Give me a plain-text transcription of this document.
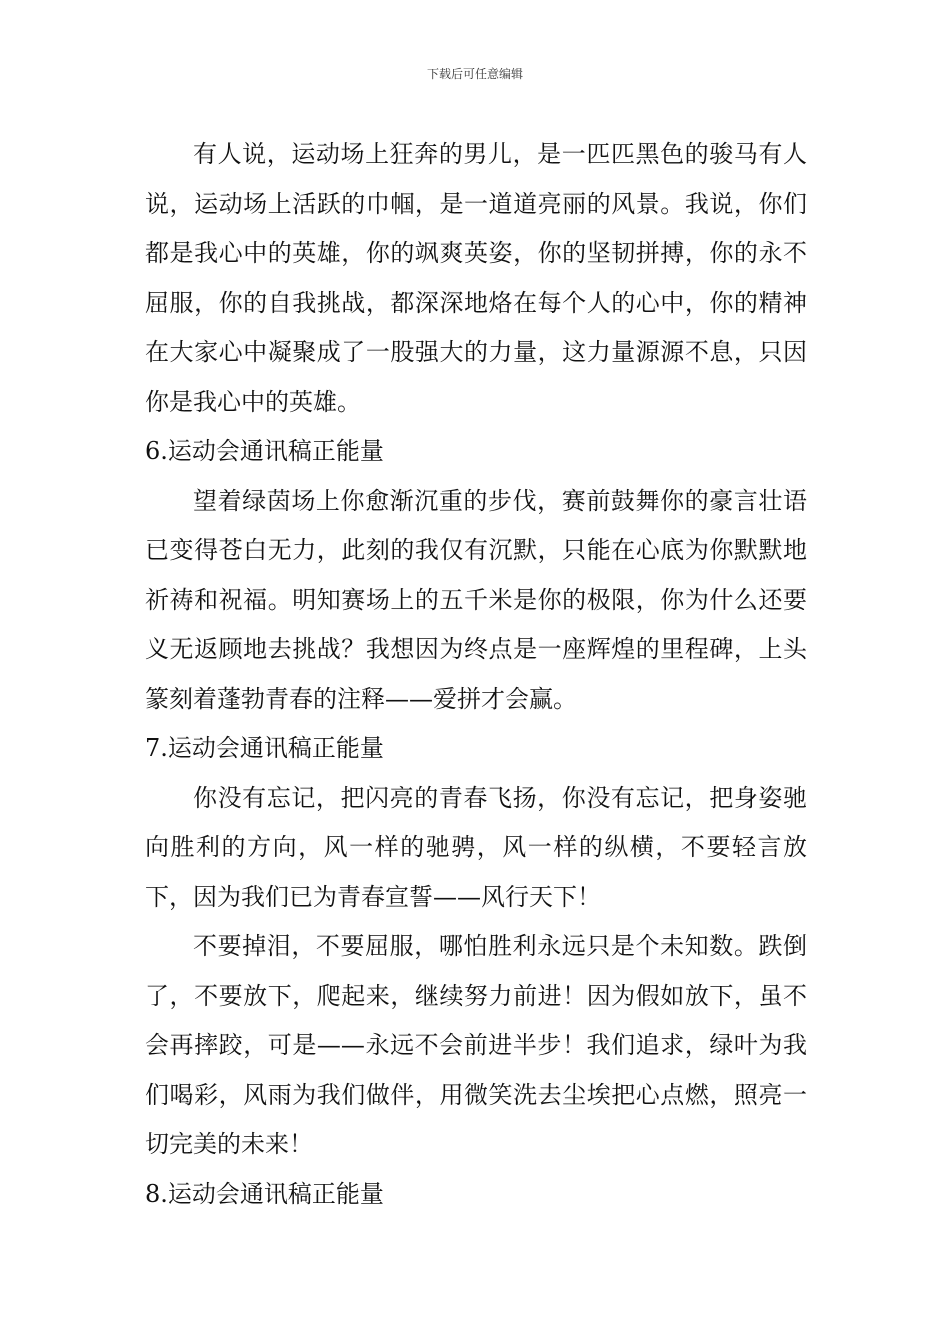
下载后可任意编辑

有人说，运动场上狂奔的男儿，是一匹匹黑色的骏马有人说，运动场上活跃的巾帼，是一道道亮丽的风景。我说，你们都是我心中的英雄，你的飒爽英姿，你的坚韧拼搏，你的永不屈服，你的自我挑战，都深深地烙在每个人的心中，你的精神在大家心中凝聚成了一股强大的力量，这力量源源不息，只因你是我心中的英雄。

6.运动会通讯稿正能量

望着绿茵场上你愈渐沉重的步伐，赛前鼓舞你的豪言壮语已变得苍白无力，此刻的我仅有沉默，只能在心底为你默默地祈祷和祝福。明知赛场上的五千米是你的极限，你为什么还要义无返顾地去挑战？我想因为终点是一座辉煌的里程碑，上头篆刻着蓬勃青春的注释——爱拼才会赢。

7.运动会通讯稿正能量

你没有忘记，把闪亮的青春飞扬，你没有忘记，把身姿驰向胜利的方向，风一样的驰骋，风一样的纵横，不要轻言放下，因为我们已为青春宣誓——风行天下！

不要掉泪，不要屈服，哪怕胜利永远只是个未知数。跌倒了，不要放下，爬起来，继续努力前进！因为假如放下，虽不会再摔跤，可是——永远不会前进半步！我们追求，绿叶为我们喝彩，风雨为我们做伴，用微笑洗去尘埃把心点燃，照亮一切完美的未来！

8.运动会通讯稿正能量
